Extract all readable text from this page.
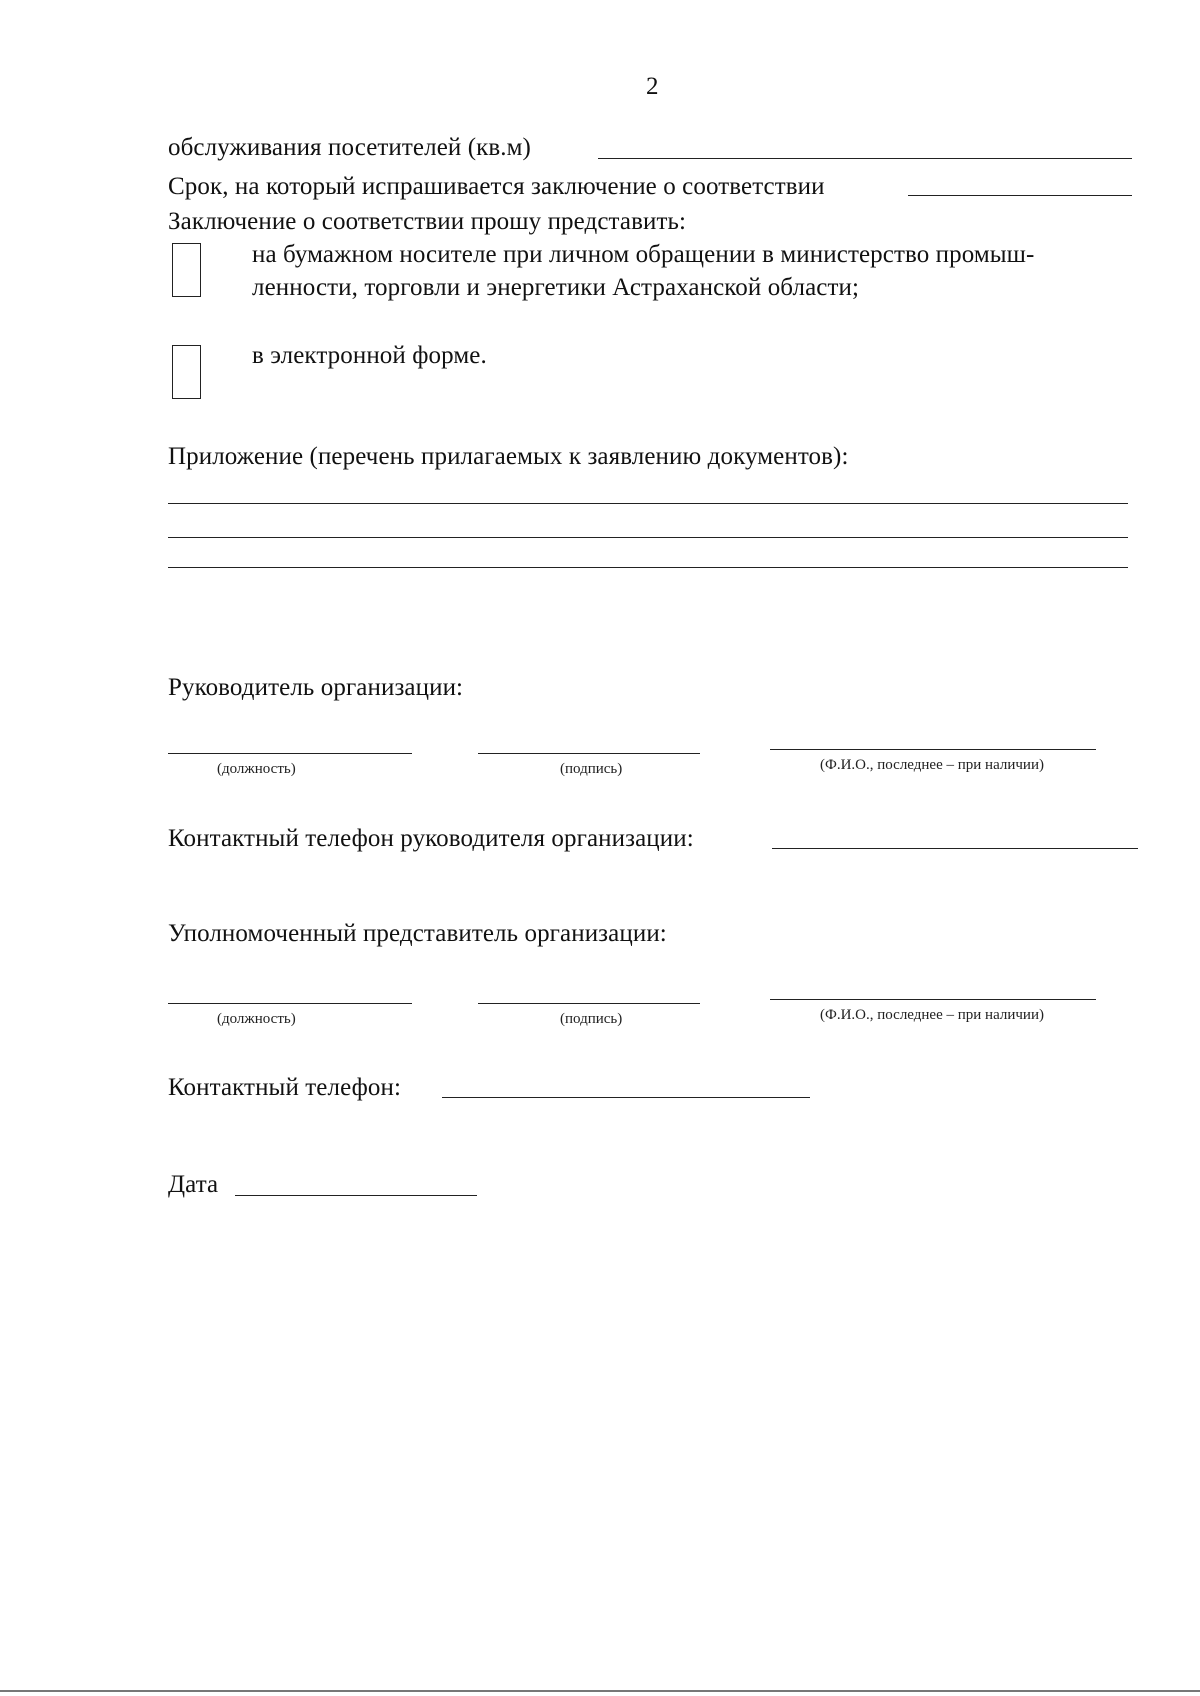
2
обслуживания посетителей (кв.м)
Срок, на который испрашивается заключение о соответствии
Заключение о соответствии прошу представить:
на бумажном носителе при личном обращении в министерство промыш-
ленности, торговли и энергетики Астраханской области;
в электронной форме.
Приложение (перечень прилагаемых к заявлению документов):
Руководитель организации:
(должность)	(подпись)	(Ф.И.О., последнее – при наличии)
Контактный телефон руководителя организации:
Уполномоченный представитель организации:
(должность)	(подпись)	(Ф.И.О., последнее – при наличии)
Контактный телефон:
Дата
